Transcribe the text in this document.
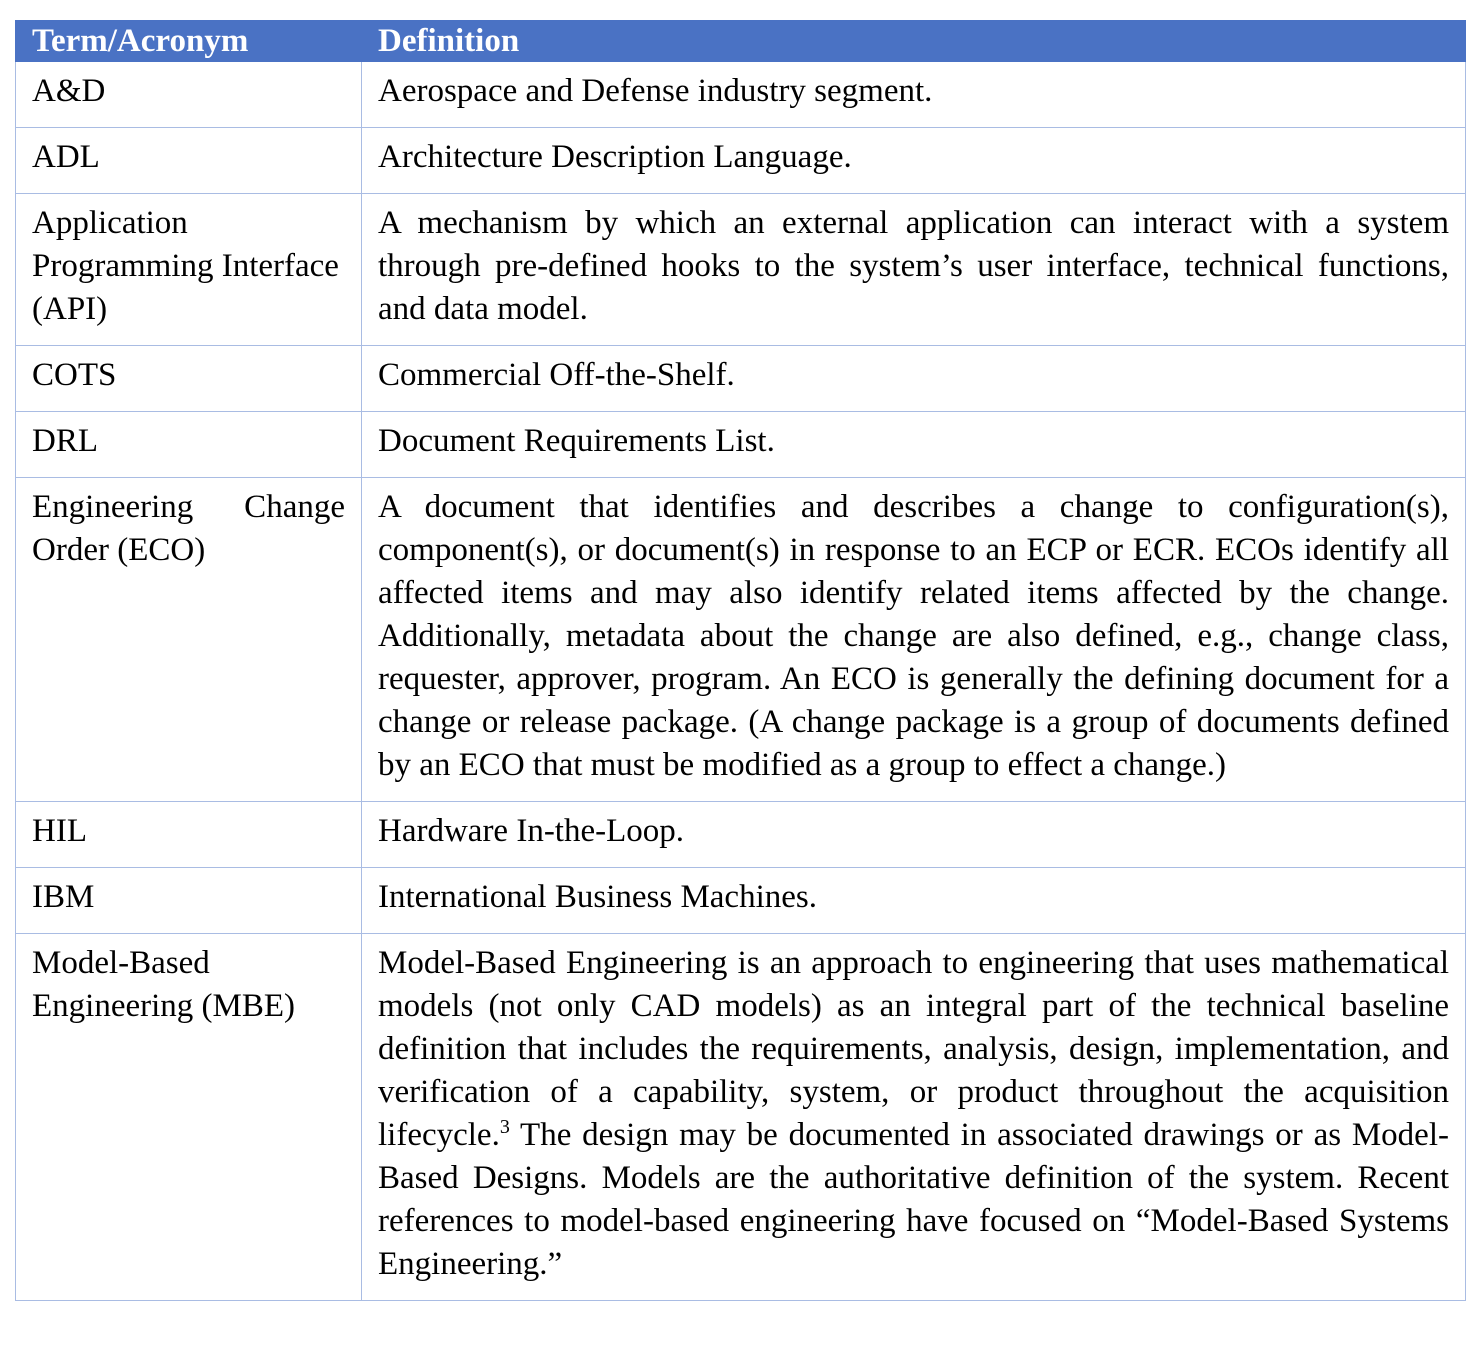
Term/Acronym	Definition
A&D	Aerospace and Defense industry segment.
ADL	Architecture Description Language.
Application Programming Interface (API)	A mechanism by which an external application can interact with a system through pre-defined hooks to the system’s user interface, technical functions, and data model.
COTS	Commercial Off-the-Shelf.
DRL	Document Requirements List.
Engineering Change Order (ECO)	A document that identifies and describes a change to configuration(s), component(s), or document(s) in response to an ECP or ECR. ECOs identify all affected items and may also identify related items affected by the change. Additionally, metadata about the change are also defined, e.g., change class, requester, approver, program. An ECO is generally the defining document for a change or release package. (A change package is a group of documents defined by an ECO that must be modified as a group to effect a change.)
HIL	Hardware In-the-Loop.
IBM	International Business Machines.
Model-Based Engineering (MBE)	Model-Based Engineering is an approach to engineering that uses mathematical models (not only CAD models) as an integral part of the technical baseline definition that includes the requirements, analysis, design, implementation, and verification of a capability, system, or product throughout the acquisition lifecycle.$^3$ The design may be documented in associated drawings or as Model-Based Designs. Models are the authoritative definition of the system. Recent references to model-based engineering have focused on “Model-Based Systems Engineering.”
